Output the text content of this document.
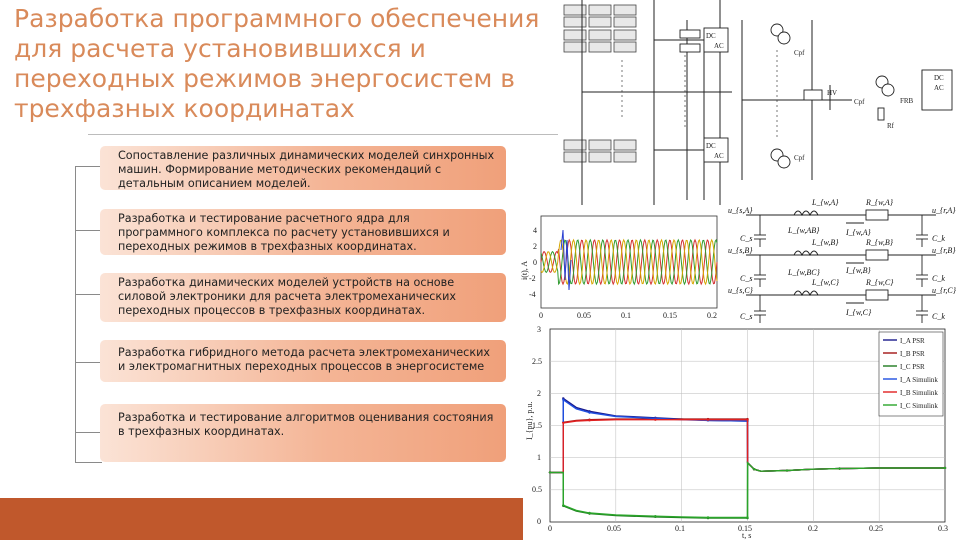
Разработка программного обеспечения для расчета установившихся и переходных режимов энергосистем в трехфазных координатах
Сопоставление различных динамических моделей синхронных машин. Формирование методических рекомендаций с детальным описанием моделей.
Разработка и тестирование расчетного ядра для программного комплекса по расчету установившихся и переходных режимов в трехфазных координатах.
Разработка динамических моделей устройств на основе силовой электроники для расчета электромеханических переходных процессов в трехфазных координатах.
Разработка гибридного метода расчета электромеханических и электромагнитных переходных процессов в энергосистеме
Разработка и тестирование алгоритмов оценивания состояния в трехфазных координатах.
DC
AC
DC
AC
HV
Cpf
Cpf
Cpf	FRB
Rf
DC
AC
4
2
0
-2
-4
0	0.05	0.1	0.15	0.2
i(t), A
u_{s,A}
u_{s,B}
u_{s,C}
u_{r,A}
u_{r,B}
u_{r,C}
L_{w,A}
L_{w,B}
L_{w,C}
L_{w,AB}
L_{w,BC}
R_{w,A}
R_{w,B}
R_{w,C}
I_{w,A}
I_{w,B}
I_{w,C}
C_s
C_s
C_s
C_k
C_k
C_k
3
2.5
2
1.5
1
0.5
0
0	0.05	0.1	0.15	0.2	0.25	0.3
t, s
I_{pu}, p.u.
I_A PSR
I_B PSR
I_C PSR
I_A Simulink
I_B Simulink
I_C Simulink
